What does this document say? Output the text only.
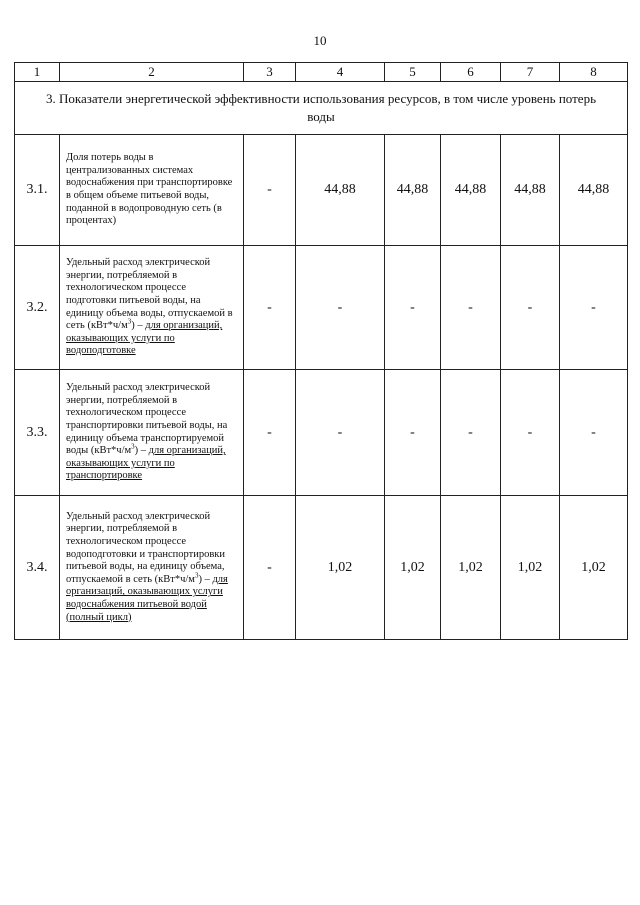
10
1	2	3	4	5	6	7	8
3. Показатели энергетической эффективности использования ресурсов, в том числе уровень потерь воды							
3.1.	Доля потерь воды в централизованных системах водоснабжения при транспортировке в общем объеме питьевой воды, поданной в водопроводную сеть (в процентах)	-	44,88	44,88	44,88	44,88	44,88
3.2.	Удельный расход электрической энергии, потребляемой в технологическом процессе подготовки питьевой воды, на единицу объема воды, отпускаемой в сеть $(кВт*ч/м^3)$ – для организаций, оказывающих услуги по водоподготовке	-	-	-	-	-	-
3.3.	Удельный расход электрической энергии, потребляемой в технологическом процессе транспортировки питьевой воды, на единицу объема транспортируемой воды $(кВт*ч/м^3)$ – для организаций, оказывающих услуги по транспортировке	-	-	-	-	-	-
3.4.	Удельный расход электрической энергии, потребляемой в технологическом процессе водоподготовки и транспортировки питьевой воды, на единицу объема, отпускаемой в сеть $(кВт*ч/м^3)$ – для организаций, оказывающих услуги водоснабжения питьевой водой (полный цикл)	-	1,02	1,02	1,02	1,02	1,02
